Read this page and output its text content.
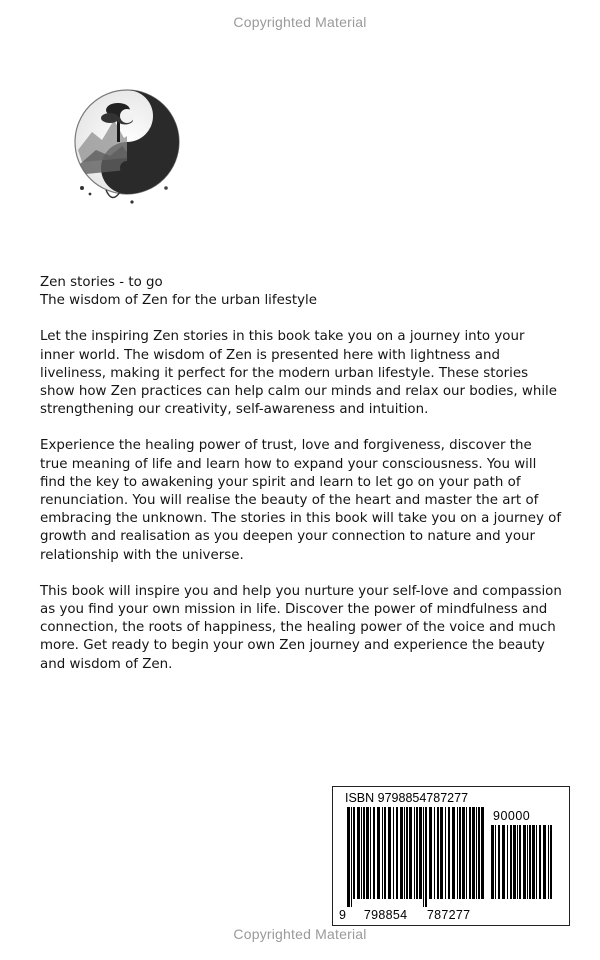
Copyrighted Material

Zen stories - to go

The wisdom of Zen for the urban lifestyle

Let the inspiring Zen stories in this book take you on a journey into your inner world. The wisdom of Zen is presented here with lightness and liveliness, making it perfect for the modern urban lifestyle. These stories show how Zen practices can help calm our minds and relax our bodies, while strengthening our creativity, self-awareness and intuition.

Experience the healing power of trust, love and forgiveness, discover the true meaning of life and learn how to expand your consciousness. You will find the key to awakening your spirit and learn to let go on your path of renunciation. You will realise the beauty of the heart and master the art of embracing the unknown. The stories in this book will take you on a journey of growth and realisation as you deepen your connection to nature and your relationship with the universe.

This book will inspire you and help you nurture your self-love and compassion as you find your own mission in life. Discover the power of mindfulness and connection, the roots of happiness, the healing power of the voice and much more. Get ready to begin your own Zen journey and experience the beauty and wisdom of Zen.

ISBN 9798854787277
90000
9 798854 787277
Copyrighted Material
